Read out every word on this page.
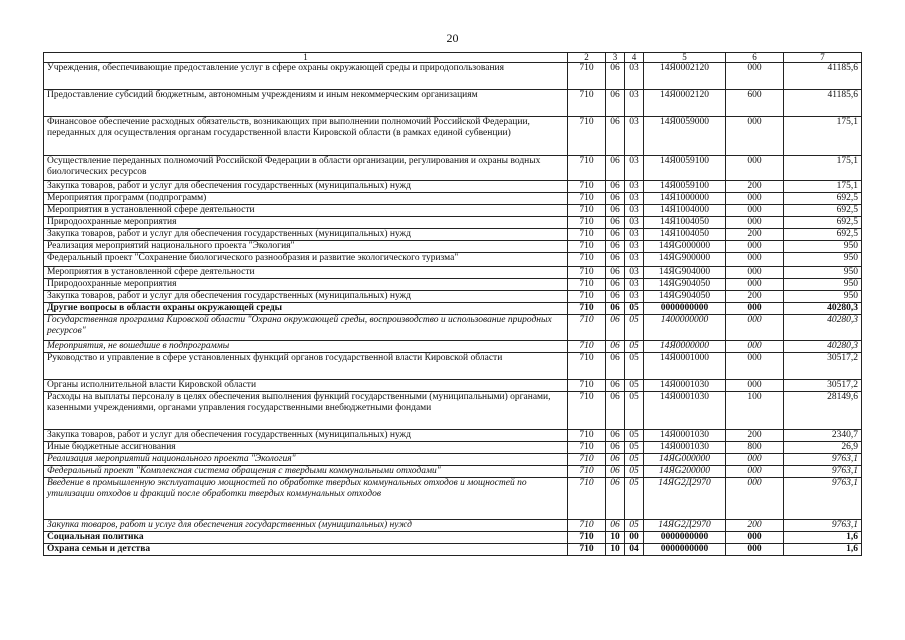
20
1	2	3	4	5	6	7
Учреждения, обеспечивающие предоставление услуг в сфере охраны окружающей среды и природопользования	710	06	03	14Я0002120	000	41185,6
Предоставление субсидий бюджетным, автономным учреждениям и иным некоммерческим организациям	710	06	03	14Я0002120	600	41185,6
Финансовое обеспечение расходных обязательств, возникающих при выполнении полномочий Российской Федерации, переданных для осуществления органам государственной власти Кировской области (в рамках единой субвенции)	710	06	03	14Я0059000	000	175,1
Осуществление переданных полномочий Российской Федерации в области организации, регулирования и охраны водных биологических ресурсов	710	06	03	14Я0059100	000	175,1
Закупка товаров, работ и услуг для обеспечения государственных (муниципальных) нужд	710	06	03	14Я0059100	200	175,1
Мероприятия программ (подпрограмм)	710	06	03	14Я1000000	000	692,5
Мероприятия в установленной сфере деятельности	710	06	03	14Я1004000	000	692,5
Природоохранные мероприятия	710	06	03	14Я1004050	000	692,5
Закупка товаров, работ и услуг для обеспечения государственных (муниципальных) нужд	710	06	03	14Я1004050	200	692,5
Реализация мероприятий национального проекта "Экология"	710	06	03	14ЯG000000	000	950
Федеральный проект "Сохранение биологического разнообразия и развитие экологического туризма"	710	06	03	14ЯG900000	000	950
Мероприятия в установленной сфере деятельности	710	06	03	14ЯG904000	000	950
Природоохранные мероприятия	710	06	03	14ЯG904050	000	950
Закупка товаров, работ и услуг для обеспечения государственных (муниципальных) нужд	710	06	03	14ЯG904050	200	950
Другие вопросы в области охраны окружающей среды	710	06	05	0000000000	000	40280,3
Государственная программа Кировской области "Охрана окружающей среды, воспроизводство и использование природных ресурсов"	710	06	05	1400000000	000	40280,3
Мероприятия, не вошедшие в подпрограммы	710	06	05	14Я0000000	000	40280,3
Руководство и управление в сфере установленных функций органов государственной власти Кировской области	710	06	05	14Я0001000	000	30517,2
Органы исполнительной власти Кировской области	710	06	05	14Я0001030	000	30517,2
Расходы на выплаты персоналу в целях обеспечения выполнения функций государственными (муниципальными) органами, казенными учреждениями, органами управления государственными внебюджетными фондами	710	06	05	14Я0001030	100	28149,6
Закупка товаров, работ и услуг для обеспечения государственных (муниципальных) нужд	710	06	05	14Я0001030	200	2340,7
Иные бюджетные ассигнования	710	06	05	14Я0001030	800	26,9
Реализация мероприятий национального проекта "Экология"	710	06	05	14ЯG000000	000	9763,1
Федеральный проект "Комплексная система обращения с твердыми коммунальными отходами"	710	06	05	14ЯG200000	000	9763,1
Введение в промышленную эксплуатацию мощностей по обработке твердых коммунальных отходов и мощностей по утилизации отходов и фракций после обработки твердых коммунальных отходов	710	06	05	14ЯG2Д2970	000	9763,1
Закупка товаров, работ и услуг для обеспечения государственных (муниципальных) нужд	710	06	05	14ЯG2Д2970	200	9763,1
Социальная политика	710	10	00	0000000000	000	1,6
Охрана семьи и детства	710	10	04	0000000000	000	1,6
